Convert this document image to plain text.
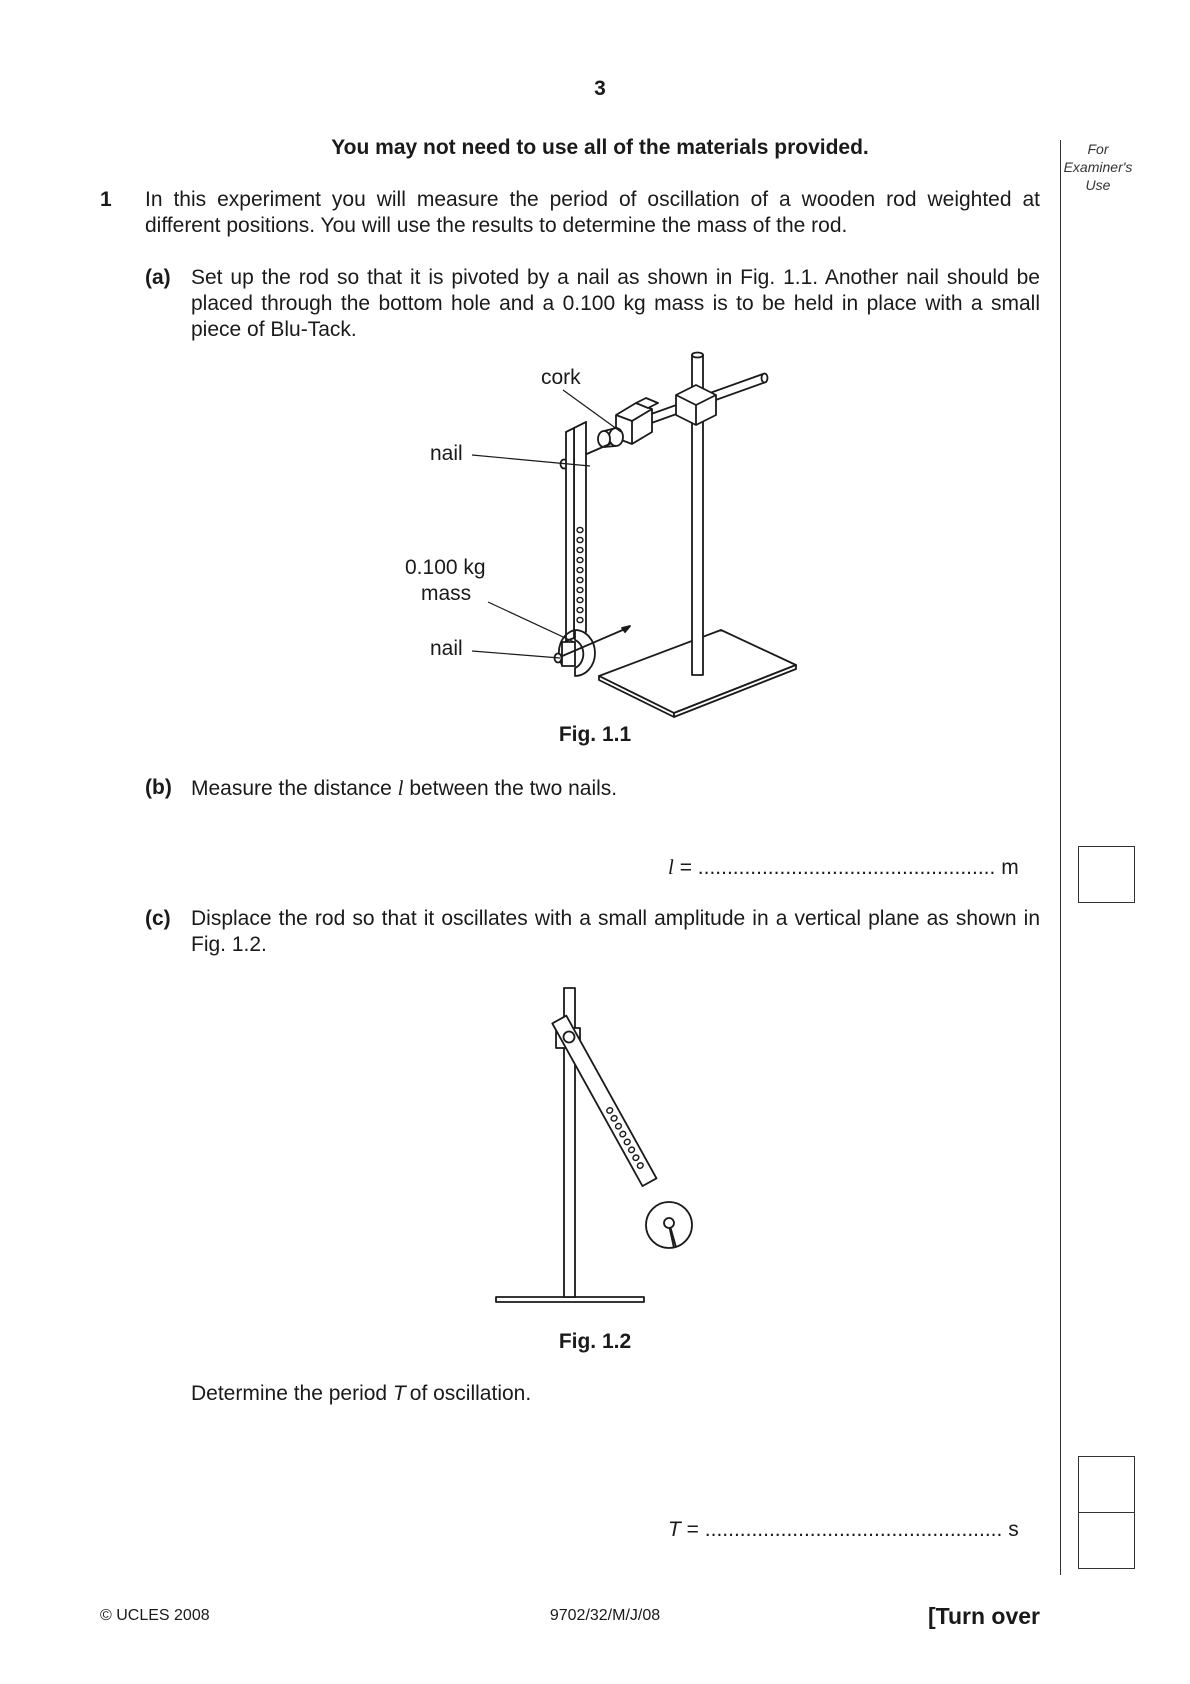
3
You may not need to use all of the materials provided.	For
Examiner's
Use
1 In this experiment you will measure the period of oscillation of a wooden rod weighted at different positions. You will use the results to determine the mass of the rod.
(a) Set up the rod so that it is pivoted by a nail as shown in Fig. 1.1. Another nail should be placed through the bottom hole and a 0.100 kg mass is to be held in place with a small piece of Blu-Tack.
cork
nail
0.100 kg
mass
nail
Fig. 1.1
(b) Measure the distance l between the two nails.
l = ................................................... m
(c) Displace the rod so that it oscillates with a small amplitude in a vertical plane as shown in Fig. 1.2.
Fig. 1.2
Determine the period T of oscillation.
T = ................................................... s
© UCLES 2008	9702/32/M/J/08	[Turn over
